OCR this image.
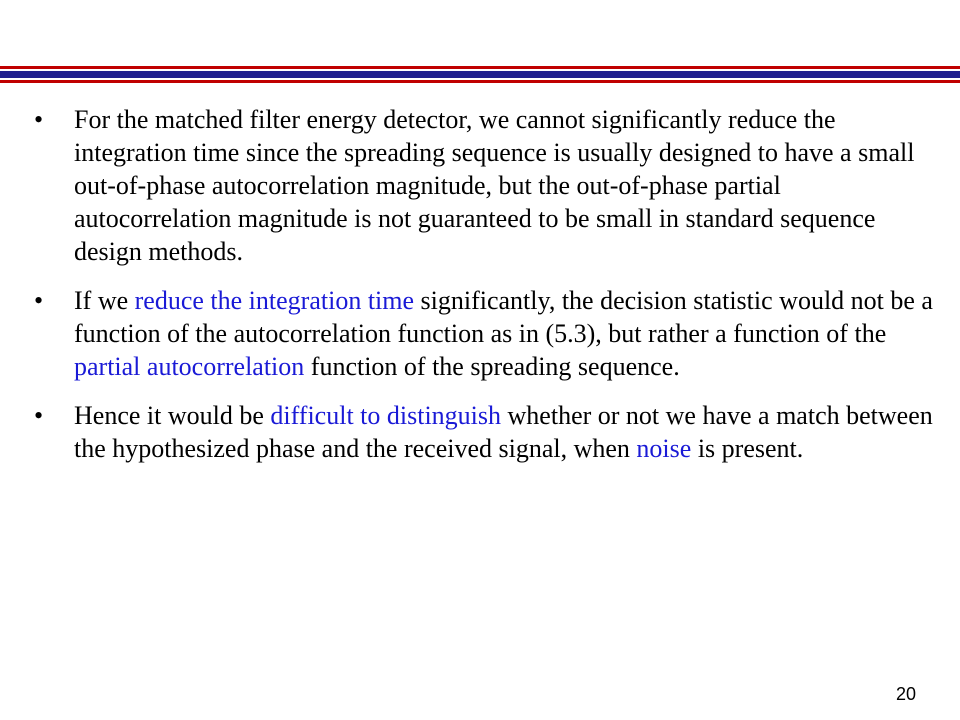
•	For the matched filter energy detector, we cannot significantly reduce the integration time since the spreading sequence is usually designed to have a small out-of-phase autocorrelation magnitude, but the out-of-phase partial autocorrelation magnitude is not guaranteed to be small in standard sequence design methods.
•	If we reduce the integration time significantly, the decision statistic would not be a function of the autocorrelation function as in (5.3), but rather a function of the partial autocorrelation function of the spreading sequence.
•	Hence it would be difficult to distinguish whether or not we have a match between the hypothesized phase and the received signal, when noise is present.
20
